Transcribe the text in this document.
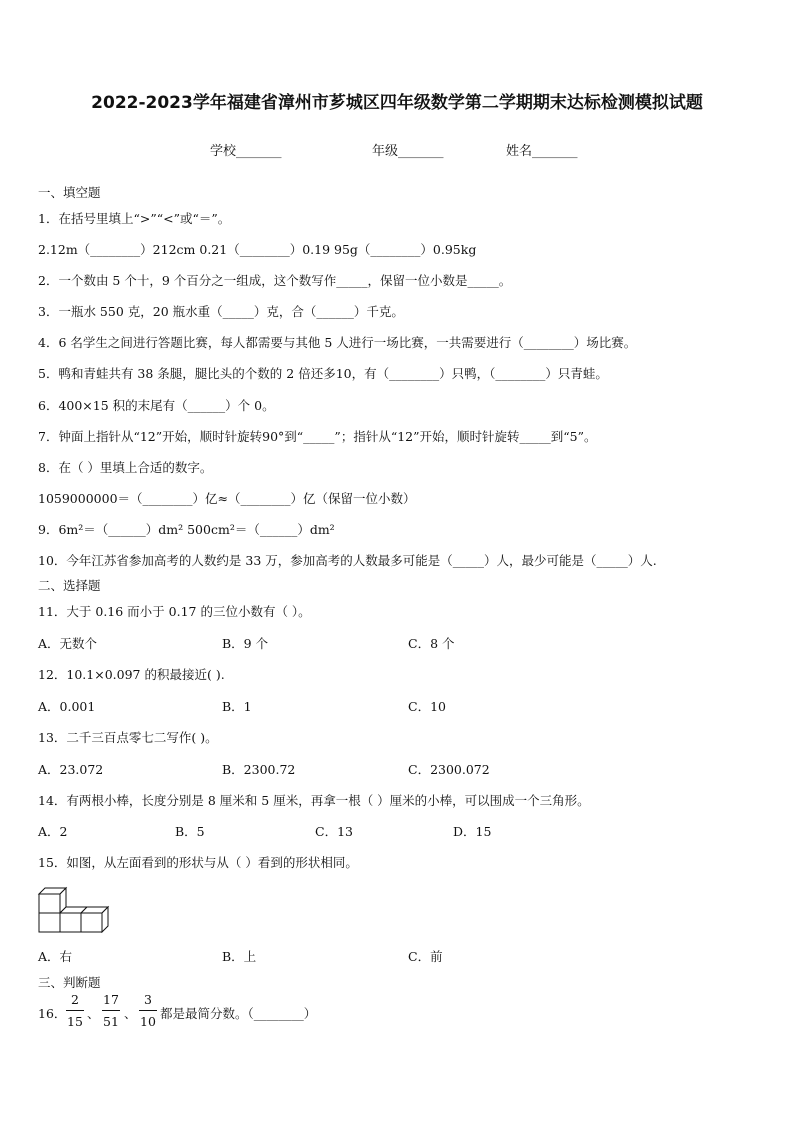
2022-2023学年福建省漳州市芗城区四年级数学第二学期期末达标检测模拟试题
学校_______	年级_______	姓名_______
一、填空题
1．在括号里填上“>”“<”或“＝”。
2.12m（________）212cm 0.21（________）0.19 95g（________）0.95kg
2．一个数由 5 个十，9 个百分之一组成，这个数写作_____，保留一位小数是_____。
3．一瓶水 550 克，20 瓶水重（_____）克，合（______）千克。
4．6 名学生之间进行答题比赛，每人都需要与其他 5 人进行一场比赛，一共需要进行（________）场比赛。
5．鸭和青蛙共有 38 条腿，腿比头的个数的 2 倍还多10，有（________）只鸭，（________）只青蛙。
6．400×15 积的末尾有（______）个 0。
7．钟面上指针从“12”开始，顺时针旋转90°到“_____”；指针从“12”开始，顺时针旋转_____到“5”。
8．在（ ）里填上合适的数字。
1059000000＝（________）亿≈（________）亿（保留一位小数）
9．6m²＝（______）dm² 500cm²＝（______）dm²
10．今年江苏省参加高考的人数约是 33 万，参加高考的人数最多可能是（_____）人，最少可能是（_____）人.
二、选择题
11．大于 0.16 而小于 0.17 的三位小数有（ ）。
A．无数个	B．9 个	C．8 个
12．10.1×0.097 的积最接近( ).
A．0.001	B．1	C．10
13．二千三百点零七二写作( )。
A．23.072	B．2300.72	C．2300.072
14．有两根小棒，长度分别是 8 厘米和 5 厘米，再拿一根（ ）厘米的小棒，可以围成一个三角形。
A．2	B．5	C．13	D．15
15．如图，从左面看到的形状与从（ ）看到的形状相同。
A．右	B．上	C．前
三、判断题
16．
2
15
、
17
51
、
3
10
都是最简分数。（________）
